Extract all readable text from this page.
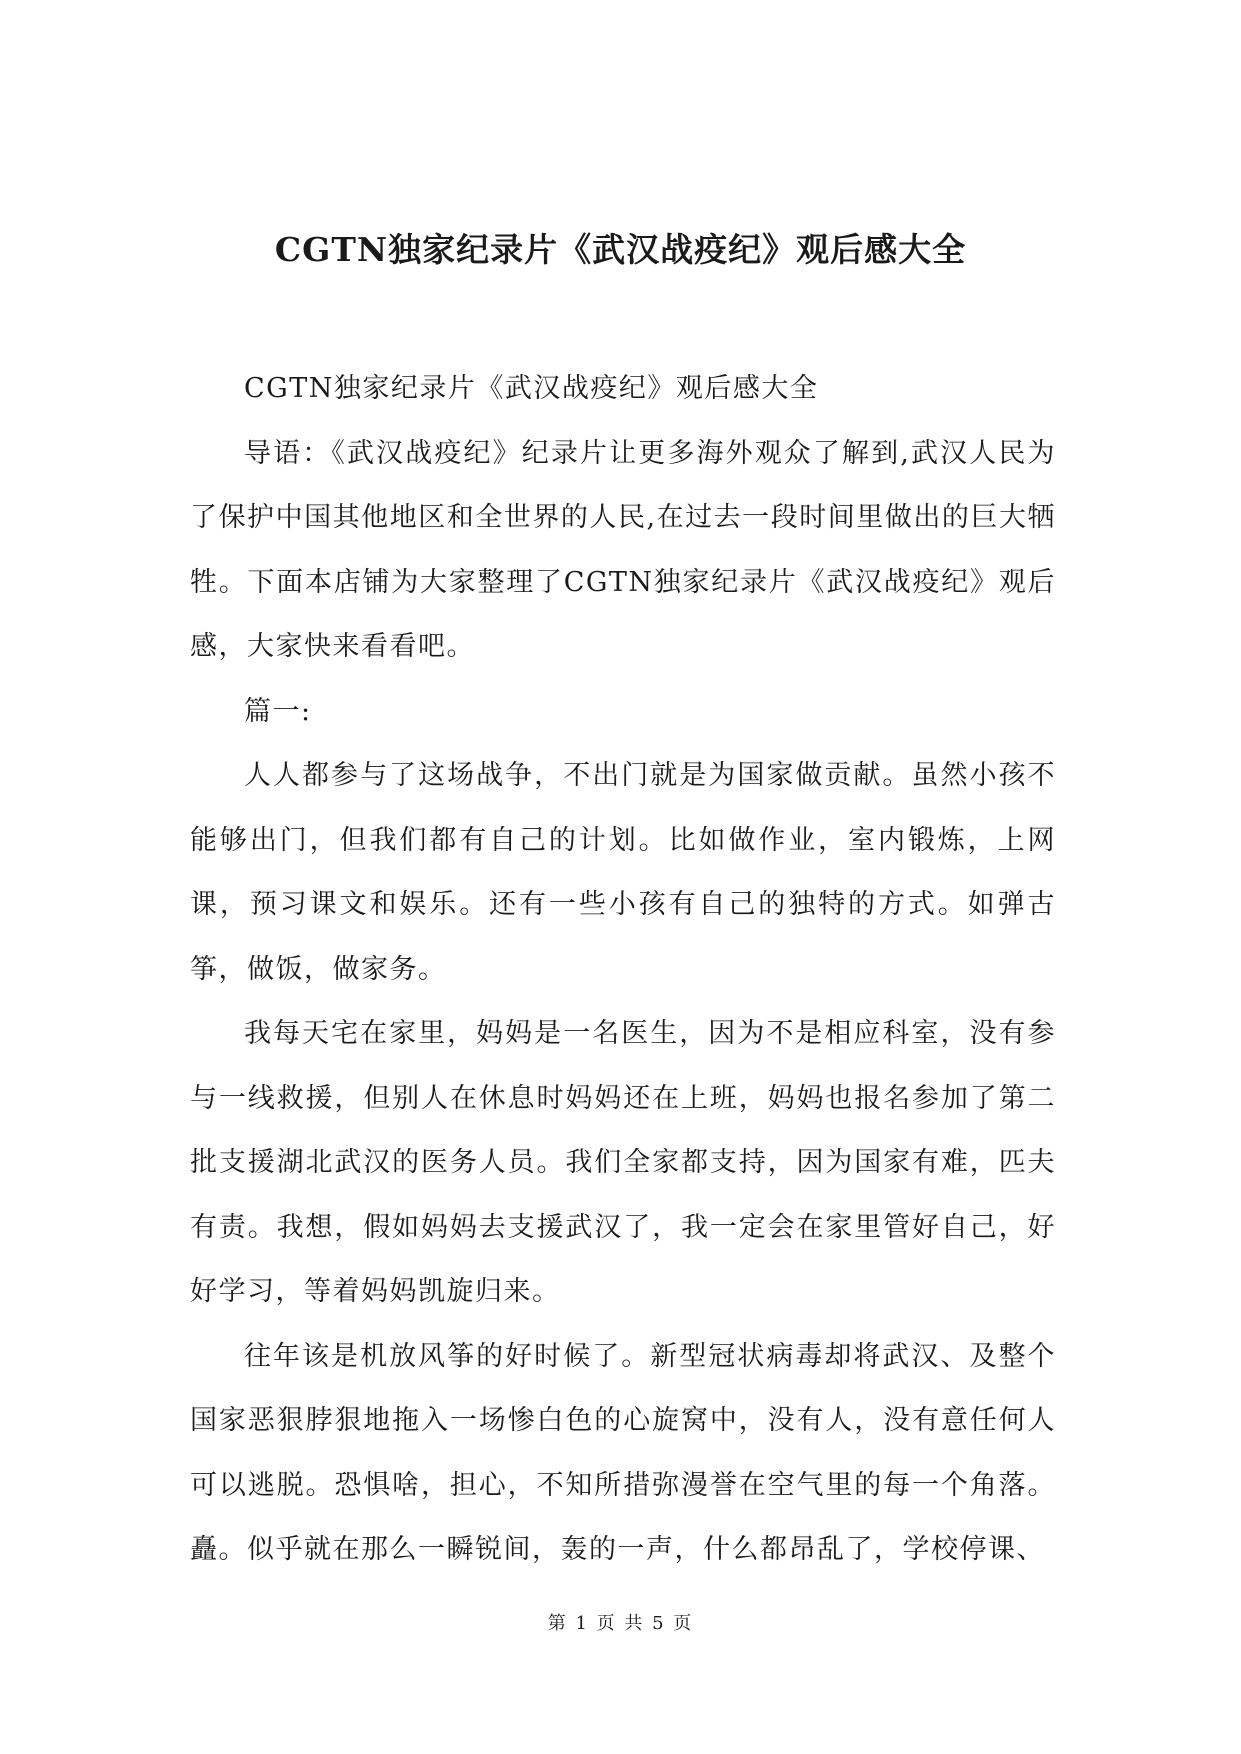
CGTN独家纪录片《武汉战疫纪》观后感大全

CGTN独家纪录片《武汉战疫纪》观后感大全

导语：《武汉战疫纪》纪录片让更多海外观众了解到,武汉人民为了保护中国其他地区和全世界的人民,在过去一段时间里做出的巨大牺牲。下面本店铺为大家整理了CGTN独家纪录片《武汉战疫纪》观后感，大家快来看看吧。

篇一:

人人都参与了这场战争，不出门就是为国家做贡献。虽然小孩不能够出门，但我们都有自己的计划。比如做作业，室内锻炼，上网课，预习课文和娱乐。还有一些小孩有自己的独特的方式。如弹古筝，做饭，做家务。

我每天宅在家里，妈妈是一名医生，因为不是相应科室，没有参与一线救援，但别人在休息时妈妈还在上班，妈妈也报名参加了第二批支援湖北武汉的医务人员。我们全家都支持，因为国家有难，匹夫有责。我想，假如妈妈去支援武汉了，我一定会在家里管好自己，好好学习，等着妈妈凯旋归来。

往年该是机放风筝的好时候了。新型冠状病毒却将武汉、及整个国家恶狠脖狠地拖入一场惨白色的心旋窝中，没有人，没有意任何人可以逃脱。恐惧啥，担心，不知所措弥漫誉在空气里的每一个角落。矗。似乎就在那么一瞬锐间，轰的一声，什么都昂乱了，学校停课、

第 1 页 共 5 页
